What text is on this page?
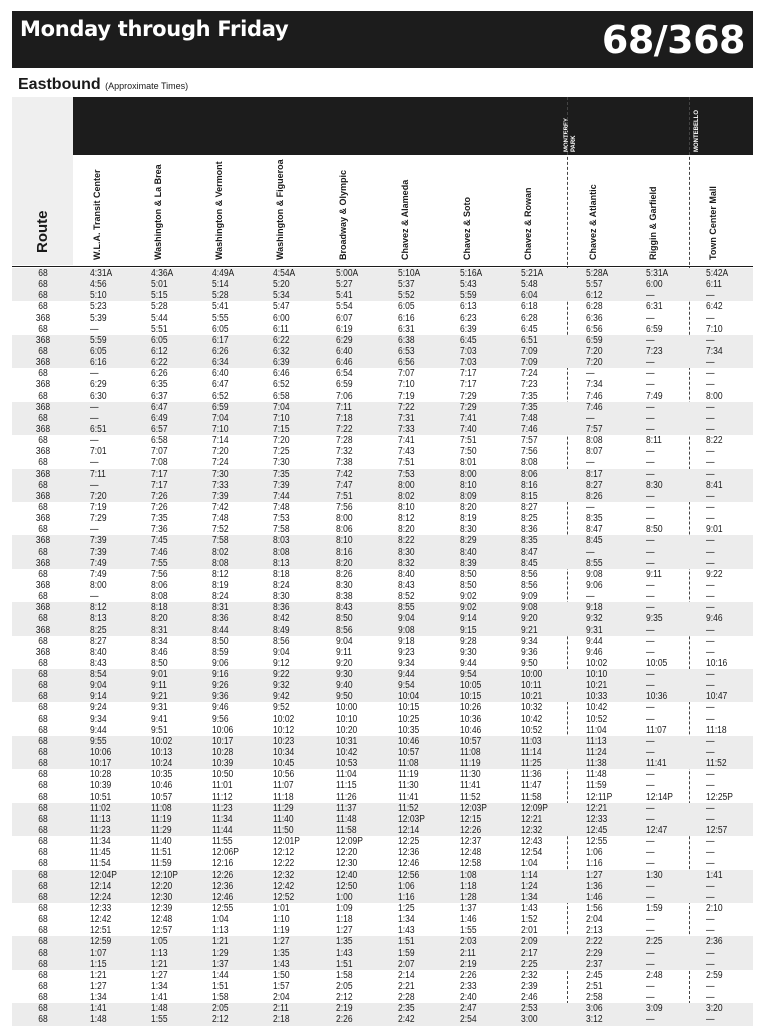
Monday through Friday	68/368
Eastbound (Approximate Times)
Route
MONTEREY
PARK	MONTEBELLO
W.L.A. Transit Center	Washington & La Brea	Washington & Vermont	Washington & Figueroa	Broadway & Olympic	Chavez & Alameda	Chavez & Soto	Chavez & Rowan	Chavez & Atlantic	Riggin & Garfield	Town Center Mall
68	4:31A	4:36A	4:49A	4:54A	5:00A	5:10A	5:16A	5:21A	5:28A	5:31A	5:42A
68	4:56	5:01	5:14	5:20	5:27	5:37	5:43	5:48	5:57	6:00	6:11
68	5:10	5:15	5:28	5:34	5:41	5:52	5:59	6:04	6:12	—	—
68	5:23	5:28	5:41	5:47	5:54	6:05	6:13	6:18	6:28	6:31	6:42
368	5:39	5:44	5:55	6:00	6:07	6:16	6:23	6:28	6:36	—	—
68	—	5:51	6:05	6:11	6:19	6:31	6:39	6:45	6:56	6:59	7:10
368	5:59	6:05	6:17	6:22	6:29	6:38	6:45	6:51	6:59	—	—
68	6:05	6:12	6:26	6:32	6:40	6:53	7:03	7:09	7:20	7:23	7:34
368	6:16	6:22	6:34	6:39	6:46	6:56	7:03	7:09	7:20	—	—
68	—	6:26	6:40	6:46	6:54	7:07	7:17	7:24	—	—	—
368	6:29	6:35	6:47	6:52	6:59	7:10	7:17	7:23	7:34	—	—
68	6:30	6:37	6:52	6:58	7:06	7:19	7:29	7:35	7:46	7:49	8:00
368	—	6:47	6:59	7:04	7:11	7:22	7:29	7:35	7:46	—	—
68	—	6:49	7:04	7:10	7:18	7:31	7:41	7:48	—	—	—
368	6:51	6:57	7:10	7:15	7:22	7:33	7:40	7:46	7:57	—	—
68	—	6:58	7:14	7:20	7:28	7:41	7:51	7:57	8:08	8:11	8:22
368	7:01	7:07	7:20	7:25	7:32	7:43	7:50	7:56	8:07	—	—
68	—	7:08	7:24	7:30	7:38	7:51	8:01	8:08	—	—	—
368	7:11	7:17	7:30	7:35	7:42	7:53	8:00	8:06	8:17	—	—
68	—	7:17	7:33	7:39	7:47	8:00	8:10	8:16	8:27	8:30	8:41
368	7:20	7:26	7:39	7:44	7:51	8:02	8:09	8:15	8:26	—	—
68	7:19	7:26	7:42	7:48	7:56	8:10	8:20	8:27	—	—	—
368	7:29	7:35	7:48	7:53	8:00	8:12	8:19	8:25	8:35	—	—
68	—	7:36	7:52	7:58	8:06	8:20	8:30	8:36	8:47	8:50	9:01
368	7:39	7:45	7:58	8:03	8:10	8:22	8:29	8:35	8:45	—	—
68	7:39	7:46	8:02	8:08	8:16	8:30	8:40	8:47	—	—	—
368	7:49	7:55	8:08	8:13	8:20	8:32	8:39	8:45	8:55	—	—
68	7:49	7:56	8:12	8:18	8:26	8:40	8:50	8:56	9:08	9:11	9:22
368	8:00	8:06	8:19	8:24	8:30	8:43	8:50	8:56	9:06	—	—
68	—	8:08	8:24	8:30	8:38	8:52	9:02	9:09	—	—	—
368	8:12	8:18	8:31	8:36	8:43	8:55	9:02	9:08	9:18	—	—
68	8:13	8:20	8:36	8:42	8:50	9:04	9:14	9:20	9:32	9:35	9:46
368	8:25	8:31	8:44	8:49	8:56	9:08	9:15	9:21	9:31	—	—
68	8:27	8:34	8:50	8:56	9:04	9:18	9:28	9:34	9:44	—	—
368	8:40	8:46	8:59	9:04	9:11	9:23	9:30	9:36	9:46	—	—
68	8:43	8:50	9:06	9:12	9:20	9:34	9:44	9:50	10:02	10:05	10:16
68	8:54	9:01	9:16	9:22	9:30	9:44	9:54	10:00	10:10	—	—
68	9:04	9:11	9:26	9:32	9:40	9:54	10:05	10:11	10:21	—	—
68	9:14	9:21	9:36	9:42	9:50	10:04	10:15	10:21	10:33	10:36	10:47
68	9:24	9:31	9:46	9:52	10:00	10:15	10:26	10:32	10:42	—	—
68	9:34	9:41	9:56	10:02	10:10	10:25	10:36	10:42	10:52	—	—
68	9:44	9:51	10:06	10:12	10:20	10:35	10:46	10:52	11:04	11:07	11:18
68	9:55	10:02	10:17	10:23	10:31	10:46	10:57	11:03	11:13	—	—
68	10:06	10:13	10:28	10:34	10:42	10:57	11:08	11:14	11:24	—	—
68	10:17	10:24	10:39	10:45	10:53	11:08	11:19	11:25	11:38	11:41	11:52
68	10:28	10:35	10:50	10:56	11:04	11:19	11:30	11:36	11:48	—	—
68	10:39	10:46	11:01	11:07	11:15	11:30	11:41	11:47	11:59	—	—
68	10:51	10:57	11:12	11:18	11:26	11:41	11:52	11:58	12:11P	12:14P	12:25P
68	11:02	11:08	11:23	11:29	11:37	11:52	12:03P	12:09P	12:21	—	—
68	11:13	11:19	11:34	11:40	11:48	12:03P	12:15	12:21	12:33	—	—
68	11:23	11:29	11:44	11:50	11:58	12:14	12:26	12:32	12:45	12:47	12:57
68	11:34	11:40	11:55	12:01P	12:09P	12:25	12:37	12:43	12:55	—	—
68	11:45	11:51	12:06P	12:12	12:20	12:36	12:48	12:54	1:06	—	—
68	11:54	11:59	12:16	12:22	12:30	12:46	12:58	1:04	1:16	—	—
68	12:04P	12:10P	12:26	12:32	12:40	12:56	1:08	1:14	1:27	1:30	1:41
68	12:14	12:20	12:36	12:42	12:50	1:06	1:18	1:24	1:36	—	—
68	12:24	12:30	12:46	12:52	1:00	1:16	1:28	1:34	1:46	—	—
68	12:33	12:39	12:55	1:01	1:09	1:25	1:37	1:43	1:56	1:59	2:10
68	12:42	12:48	1:04	1:10	1:18	1:34	1:46	1:52	2:04	—	—
68	12:51	12:57	1:13	1:19	1:27	1:43	1:55	2:01	2:13	—	—
68	12:59	1:05	1:21	1:27	1:35	1:51	2:03	2:09	2:22	2:25	2:36
68	1:07	1:13	1:29	1:35	1:43	1:59	2:11	2:17	2:29	—	—
68	1:15	1:21	1:37	1:43	1:51	2:07	2:19	2:25	2:37	—	—
68	1:21	1:27	1:44	1:50	1:58	2:14	2:26	2:32	2:45	2:48	2:59
68	1:27	1:34	1:51	1:57	2:05	2:21	2:33	2:39	2:51	—	—
68	1:34	1:41	1:58	2:04	2:12	2:28	2:40	2:46	2:58	—	—
68	1:41	1:48	2:05	2:11	2:19	2:35	2:47	2:53	3:06	3:09	3:20
68	1:48	1:55	2:12	2:18	2:26	2:42	2:54	3:00	3:12	—	—
